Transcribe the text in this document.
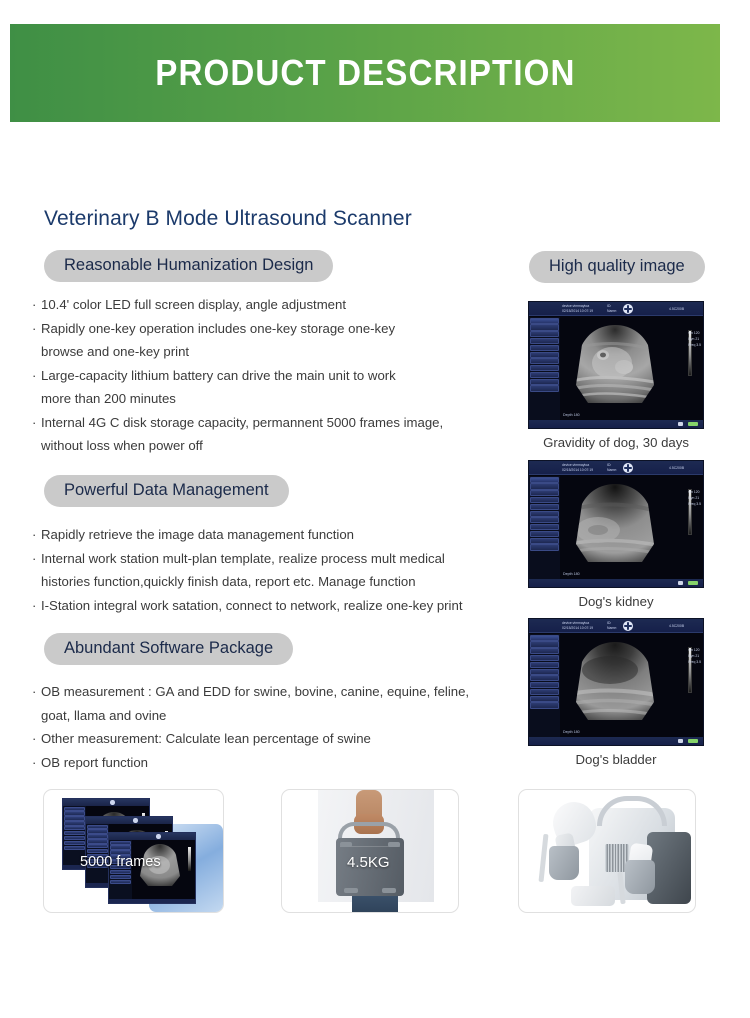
PRODUCT DESCRIPTION
Veterinary B Mode Ultrasound Scanner
Reasonable Humanization Design
· 10.4' color LED full screen display, angle adjustment
· Rapidly one-key operation includes one-key storage one-key
browse and one-key print
· Large-capacity lithium battery can drive the main unit to work
more than 200 minutes
· Internal 4G C disk storage capacity, permannent 5000 frames image,
without loss when power off
Powerful Data Management
· Rapidly retrieve the image data management function
· Internal work station mult-plan template, realize process mult medical
histories function,quickly finish data, report etc. Manage function
· I-Station integral work satation, connect to network, realize one-key print
Abundant Software Package
· OB measurement : GA and EDD for swine, bovine, canine, equine, feline,
goat, llama and ovine
· Other measurement: Calculate lean percentage of swine
· OB report function
High quality image
device:vimmaytoa
02/15/2014 10:07:19
ID:
Name:	4.5C200B
Gn 120
Dyn 21
Freq 3.5
Depth 180
Gravidity of dog, 30 days
device:vimmaytoa
02/15/2014 10:07:19
ID:
Name:	4.5C200B
Gn 120
Dyn 21
Freq 3.5
Depth 180
Dog's kidney
device:vimmaytoa
02/15/2014 10:07:19
ID:
Name:	4.5C200B
Gn 120
Dyn 21
Freq 3.5
Depth 180
Dog's bladder
5000 frames	4.5KG
